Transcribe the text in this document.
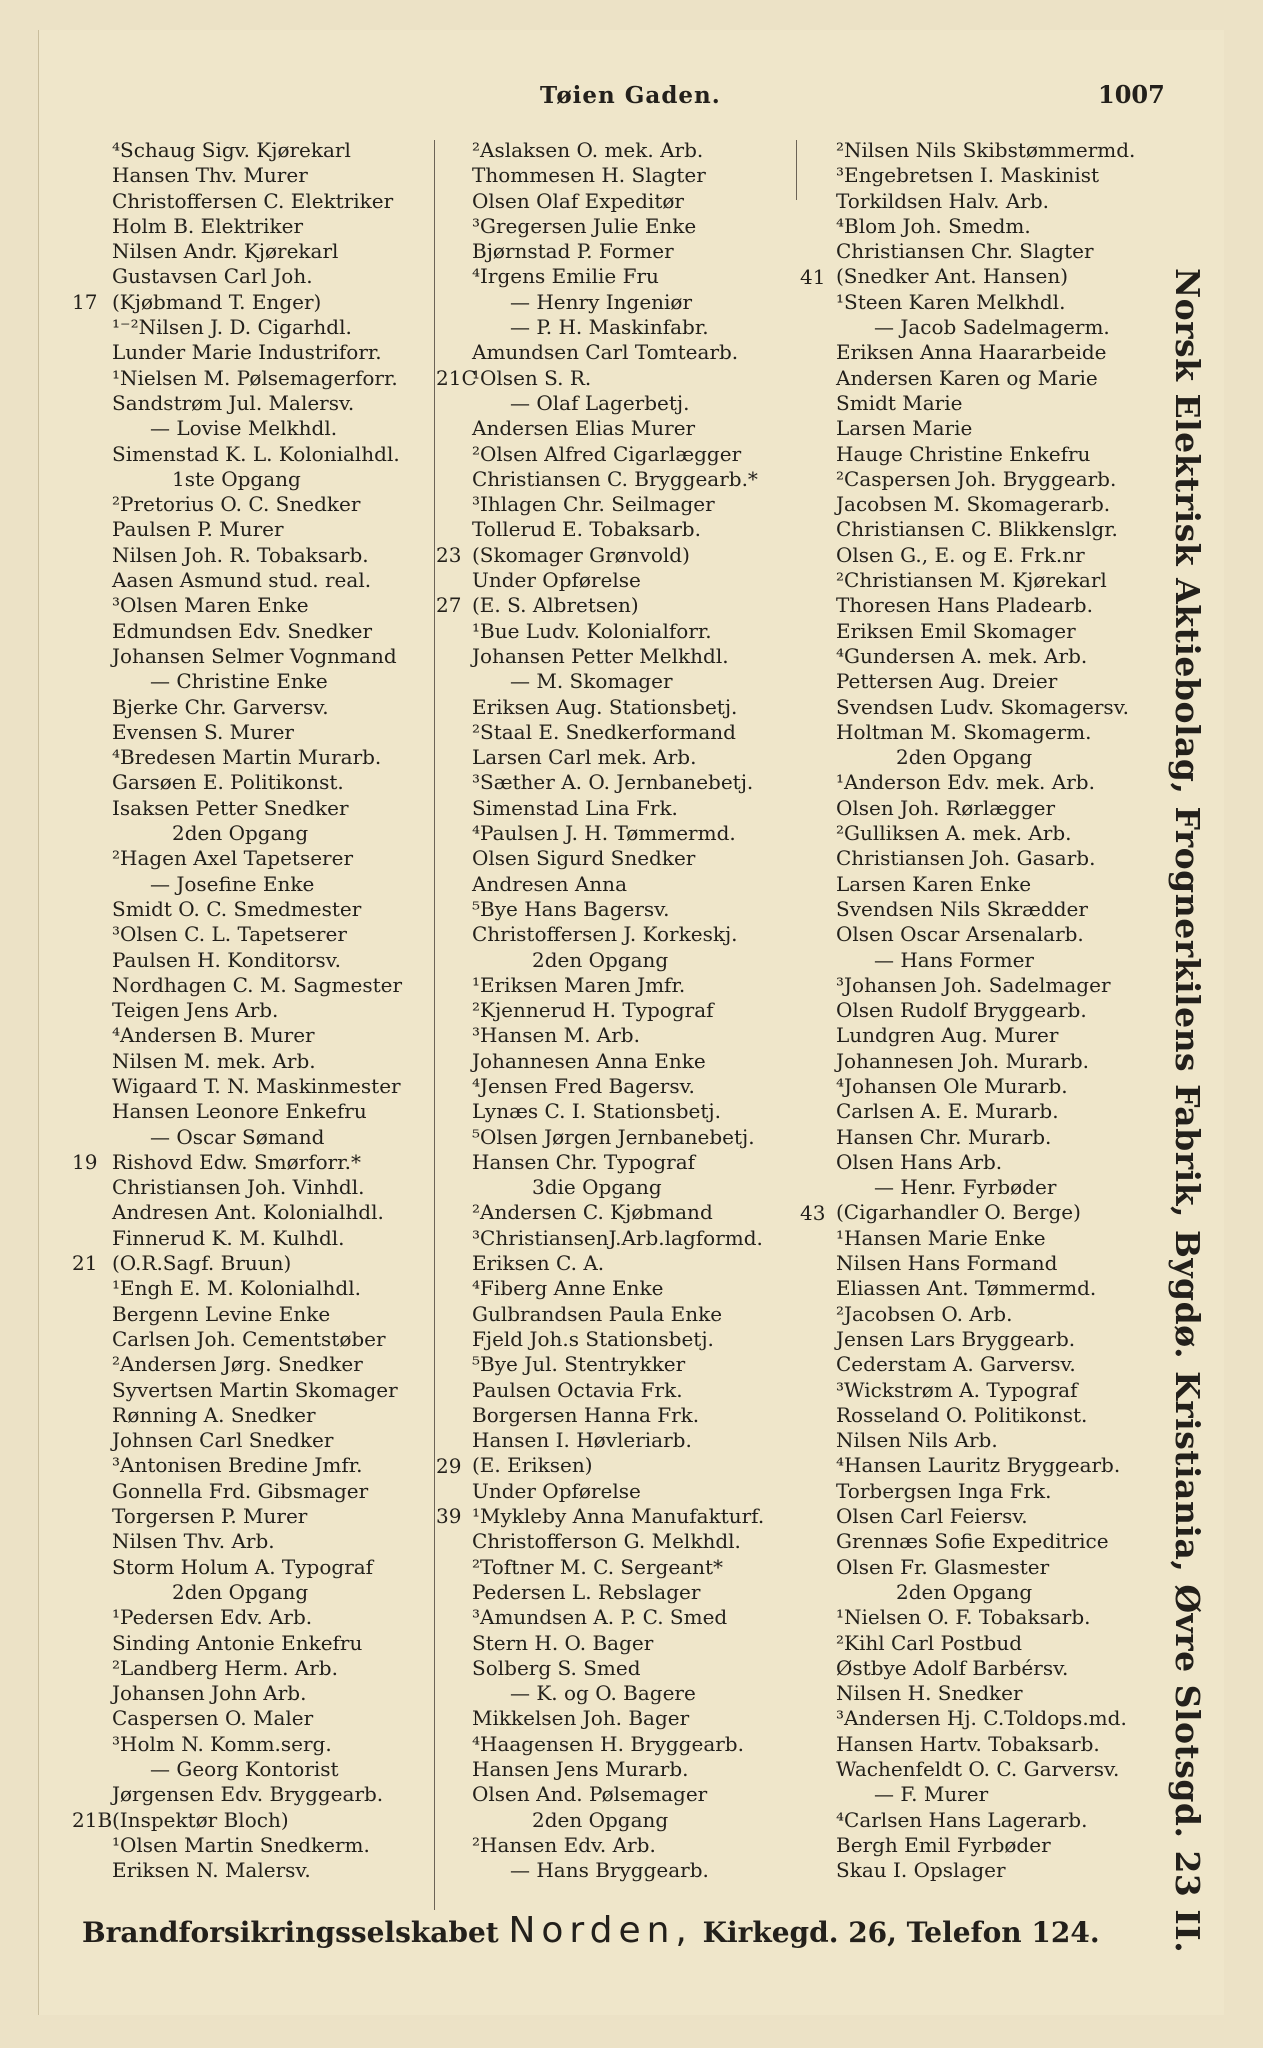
Tøien Gaden.	1007
⁴Schaug Sigv. Kjørekarl
Hansen Thv. Murer
Christoffersen C. Elektriker
Holm B. Elektriker
Nilsen Andr. Kjørekarl
Gustavsen Carl Joh.
(Kjøbmand T. Enger)
¹⁻²Nilsen J. D. Cigarhdl.
Lunder Marie Industriforr.
¹Nielsen M. Pølsemagerforr.
Sandstrøm Jul. Malersv.
— Lovise Melkhdl.
Simenstad K. L. Kolonialhdl.
1ste Opgang
²Pretorius O. C. Snedker
Paulsen P. Murer
Nilsen Joh. R. Tobaksarb.
Aasen Asmund stud. real.
³Olsen Maren Enke
Edmundsen Edv. Snedker
Johansen Selmer Vognmand
— Christine Enke
Bjerke Chr. Garversv.
Evensen S. Murer
⁴Bredesen Martin Murarb.
Garsøen E. Politikonst.
Isaksen Petter Snedker
2den Opgang
²Hagen Axel Tapetserer
— Josefine Enke
Smidt O. C. Smedmester
³Olsen C. L. Tapetserer
Paulsen H. Konditorsv.
Nordhagen C. M. Sagmester
Teigen Jens Arb.
⁴Andersen B. Murer
Nilsen M. mek. Arb.
Wigaard T. N. Maskinmester
Hansen Leonore Enkefru
— Oscar Sømand
Rishovd Edw. Smørforr.*
Christiansen Joh. Vinhdl.
Andresen Ant. Kolonialhdl.
Finnerud K. M. Kulhdl.
(O.R.Sagf. Bruun)
¹Engh E. M. Kolonialhdl.
Bergenn Levine Enke
Carlsen Joh. Cementstøber
²Andersen Jørg. Snedker
Syvertsen Martin Skomager
Rønning A. Snedker
Johnsen Carl Snedker
³Antonisen Bredine Jmfr.
Gonnella Frd. Gibsmager
Torgersen P. Murer
Nilsen Thv. Arb.
Storm Holum A. Typograf
2den Opgang
¹Pedersen Edv. Arb.
Sinding Antonie Enkefru
²Landberg Herm. Arb.
Johansen John Arb.
Caspersen O. Maler
³Holm N. Komm.serg.
— Georg Kontorist
Jørgensen Edv. Bryggearb.
(Inspektør Bloch)
¹Olsen Martin Snedkerm.
Eriksen N. Malersv.
17
19
21
21B
²Aslaksen O. mek. Arb.
Thommesen H. Slagter
Olsen Olaf Expeditør
³Gregersen Julie Enke
Bjørnstad P. Former
⁴Irgens Emilie Fru
— Henry Ingeniør
— P. H. Maskinfabr.
Amundsen Carl Tomtearb.
¹Olsen S. R.
— Olaf Lagerbetj.
Andersen Elias Murer
²Olsen Alfred Cigarlægger
Christiansen C. Bryggearb.*
³Ihlagen Chr. Seilmager
Tollerud E. Tobaksarb.
(Skomager Grønvold)
Under Opførelse
(E. S. Albretsen)
¹Bue Ludv. Kolonialforr.
Johansen Petter Melkhdl.
— M. Skomager
Eriksen Aug. Stationsbetj.
²Staal E. Snedkerformand
Larsen Carl mek. Arb.
³Sæther A. O. Jernbanebetj.
Simenstad Lina Frk.
⁴Paulsen J. H. Tømmermd.
Olsen Sigurd Snedker
Andresen Anna
⁵Bye Hans Bagersv.
Christoffersen J. Korkeskj.
2den Opgang
¹Eriksen Maren Jmfr.
²Kjennerud H. Typograf
³Hansen M. Arb.
Johannesen Anna Enke
⁴Jensen Fred Bagersv.
Lynæs C. I. Stationsbetj.
⁵Olsen Jørgen Jernbanebetj.
Hansen Chr. Typograf
3die Opgang
²Andersen C. Kjøbmand
³ChristiansenJ.Arb.lagformd.
Eriksen C. A.
⁴Fiberg Anne Enke
Gulbrandsen Paula Enke
Fjeld Joh.s Stationsbetj.
⁵Bye Jul. Stentrykker
Paulsen Octavia Frk.
Borgersen Hanna Frk.
Hansen I. Høvleriarb.
(E. Eriksen)
Under Opførelse
¹Mykleby Anna Manufakturf.
Christofferson G. Melkhdl.
²Toftner M. C. Sergeant*
Pedersen L. Rebslager
³Amundsen A. P. C. Smed
Stern H. O. Bager
Solberg S. Smed
— K. og O. Bagere
Mikkelsen Joh. Bager
⁴Haagensen H. Bryggearb.
Hansen Jens Murarb.
Olsen And. Pølsemager
2den Opgang
²Hansen Edv. Arb.
— Hans Bryggearb.
21C
23
27
29
39
²Nilsen Nils Skibstømmermd.
³Engebretsen I. Maskinist
Torkildsen Halv. Arb.
⁴Blom Joh. Smedm.
Christiansen Chr. Slagter
(Snedker Ant. Hansen)
¹Steen Karen Melkhdl.
— Jacob Sadelmagerm.
Eriksen Anna Haararbeide
Andersen Karen og Marie
Smidt Marie
Larsen Marie
Hauge Christine Enkefru
²Caspersen Joh. Bryggearb.
Jacobsen M. Skomagerarb.
Christiansen C. Blikkenslgr.
Olsen G., E. og E. Frk.nr
²Christiansen M. Kjørekarl
Thoresen Hans Pladearb.
Eriksen Emil Skomager
⁴Gundersen A. mek. Arb.
Pettersen Aug. Dreier
Svendsen Ludv. Skomagersv.
Holtman M. Skomagerm.
2den Opgang
¹Anderson Edv. mek. Arb.
Olsen Joh. Rørlægger
²Gulliksen A. mek. Arb.
Christiansen Joh. Gasarb.
Larsen Karen Enke
Svendsen Nils Skrædder
Olsen Oscar Arsenalarb.
— Hans Former
³Johansen Joh. Sadelmager
Olsen Rudolf Bryggearb.
Lundgren Aug. Murer
Johannesen Joh. Murarb.
⁴Johansen Ole Murarb.
Carlsen A. E. Murarb.
Hansen Chr. Murarb.
Olsen Hans Arb.
— Henr. Fyrbøder
(Cigarhandler O. Berge)
¹Hansen Marie Enke
Nilsen Hans Formand
Eliassen Ant. Tømmermd.
²Jacobsen O. Arb.
Jensen Lars Bryggearb.
Cederstam A. Garversv.
³Wickstrøm A. Typograf
Rosseland O. Politikonst.
Nilsen Nils Arb.
⁴Hansen Lauritz Bryggearb.
Torbergsen Inga Frk.
Olsen Carl Feiersv.
Grennæs Sofie Expeditrice
Olsen Fr. Glasmester
2den Opgang
¹Nielsen O. F. Tobaksarb.
²Kihl Carl Postbud
Østbye Adolf Barbérsv.
Nilsen H. Snedker
³Andersen Hj. C.Toldops.md.
Hansen Hartv. Tobaksarb.
Wachenfeldt O. C. Garversv.
— F. Murer
⁴Carlsen Hans Lagerarb.
Bergh Emil Fyrbøder
Skau I. Opslager
41
43	Norsk Elektrisk Aktiebolag, Frognerkilens Fabrik, Bygdø. Kristiania, Øvre Slotsgd. 23 II.
Brandforsikringsselskabet Norden, Kirkegd. 26, Telefon 124.
